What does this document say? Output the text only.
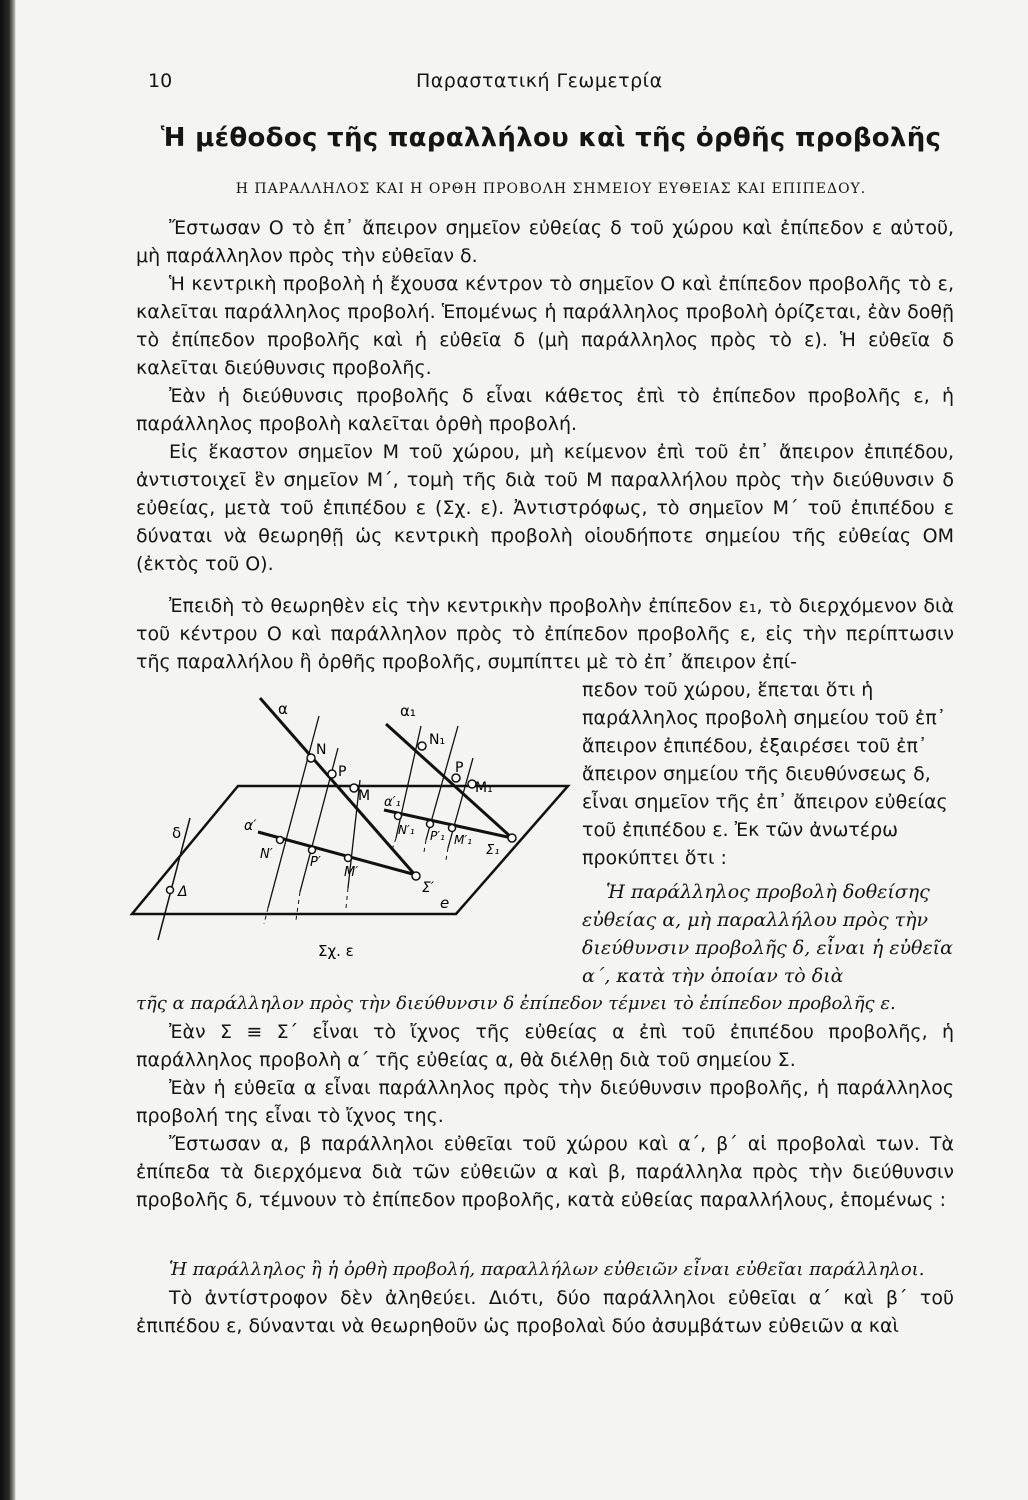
10	Παραστατική Γεωμετρία
Ἡ μέθοδος τῆς παραλλήλου καὶ τῆς ὀρθῆς προβολῆς
Η ΠΑΡΑΛΛΗΛΟΣ ΚΑΙ Η ΟΡΘΗ ΠΡΟΒΟΛΗ ΣΗΜΕΙΟΥ ΕΥΘΕΙΑΣ ΚΑΙ ΕΠΙΠΕΔΟΥ.

Ἔστωσαν Ο τὸ ἐπ᾽ ἄπειρον σημεῖον εὐθείας δ τοῦ χώρου καὶ ἐπίπεδον ε αὐτοῦ, μὴ παράλληλον πρὸς τὴν εὐθεῖαν δ.

Ἡ κεντρικὴ προβολὴ ἡ ἔχουσα κέντρον τὸ σημεῖον Ο καὶ ἐπίπεδον προβολῆς τὸ ε, καλεῖται παράλληλος προβολή. Ἑπομένως ἡ παράλληλος προβολὴ ὁρίζεται, ἐὰν δοθῇ τὸ ἐπίπεδον προβολῆς καὶ ἡ εὐθεῖα δ (μὴ παράλληλος πρὸς τὸ ε). Ἡ εὐθεῖα δ καλεῖται διεύθυνσις προβολῆς.

Ἐὰν ἡ διεύθυνσις προβολῆς δ εἶναι κάθετος ἐπὶ τὸ ἐπίπεδον προβολῆς ε, ἡ παράλληλος προβολὴ καλεῖται ὀρθὴ προβολή.

Εἰς ἕκαστον σημεῖον Μ τοῦ χώρου, μὴ κείμενον ἐπὶ τοῦ ἐπ᾽ ἄπειρον ἐπιπέδου, ἀντιστοιχεῖ ἓν σημεῖον Μ΄, τομὴ τῆς διὰ τοῦ Μ παραλλήλου πρὸς τὴν διεύθυνσιν δ εὐθείας, μετὰ τοῦ ἐπιπέδου ε (Σχ. ε). Ἀντιστρόφως, τὸ σημεῖον Μ΄ τοῦ ἐπιπέδου ε δύναται νὰ θεωρηθῇ ὡς κεντρικὴ προβολὴ οἱουδήποτε σημείου τῆς εὐθείας ΟΜ (ἐκτὸς τοῦ Ο).

Ἐπειδὴ τὸ θεωρηθὲν εἰς τὴν κεντρικὴν προβολὴν ἐπίπεδον ε₁, τὸ διερχόμενον διὰ τοῦ κέντρου Ο καὶ παράλληλον πρὸς τὸ ἐπίπεδον προβολῆς ε, εἰς τὴν περίπτωσιν τῆς παραλλήλου ἢ ὀρθῆς προβολῆς, συμπίπτει μὲ τὸ ἐπ᾽ ἄπειρον ἐπί-

πεδον τοῦ χώρου, ἕπεται ὅτι ἡ παράλληλος προβολὴ σημείου τοῦ ἐπ᾽ ἄπειρον ἐπιπέδου, ἐξαιρέσει τοῦ ἐπ᾽ ἄπειρον σημείου τῆς διευθύνσεως δ, εἶναι σημεῖον τῆς ἐπ᾽ ἄπειρον εὐθείας τοῦ ἐπιπέδου ε. Ἐκ τῶν ἀνωτέρω προκύπτει ὅτι :

Ἡ παράλληλος προβολὴ δοθείσης εὐθείας α, μὴ παραλλήλου πρὸς τὴν διεύθυνσιν προβολῆς δ, εἶναι ἡ εὐθεῖα α΄, κατὰ τὴν ὁποίαν τὸ διὰ

τῆς α παράλληλον πρὸς τὴν διεύθυνσιν δ ἐπίπεδον τέμνει τὸ ἐπίπεδον προβολῆς ε.

Ἐὰν Σ ≡ Σ΄ εἶναι τὸ ἴχνος τῆς εὐθείας α ἐπὶ τοῦ ἐπιπέδου προβολῆς, ἡ παράλληλος προβολὴ α΄ τῆς εὐθείας α, θὰ διέλθῃ διὰ τοῦ σημείου Σ.

Ἐὰν ἡ εὐθεῖα α εἶναι παράλληλος πρὸς τὴν διεύθυνσιν προβολῆς, ἡ παράλληλος προβολή της εἶναι τὸ ἴχνος της.

Ἔστωσαν α, β παράλληλοι εὐθεῖαι τοῦ χώρου καὶ α΄, β΄ αἱ προβολαὶ των. Τὰ ἐπίπεδα τὰ διερχόμενα διὰ τῶν εὐθειῶν α καὶ β, παράλληλα πρὸς τὴν διεύθυνσιν προβολῆς δ, τέμνουν τὸ ἐπίπεδον προβολῆς, κατὰ εὐθείας παραλλήλους, ἑπομένως :

Ἡ παράλληλος ἢ ἡ ὀρθὴ προβολή, παραλλήλων εὐθειῶν εἶναι εὐθεῖαι παράλληλοι.

Τὸ ἀντίστροφον δὲν ἀληθεύει. Διότι, δύο παράλληλοι εὐθεῖαι α΄ καὶ β΄ τοῦ ἐπιπέδου ε, δύνανται νὰ θεωρηθοῦν ὡς προβολαὶ δύο ἀσυμβάτων εὐθειῶν α καὶ

α	α₁
N
P
M
N₁
P
M₁
α′
α′₁
N′
P′
M′
Σ′
N′₁ P′₁ M′₁
Σ₁
δ
Δ
e
Σχ. ε
